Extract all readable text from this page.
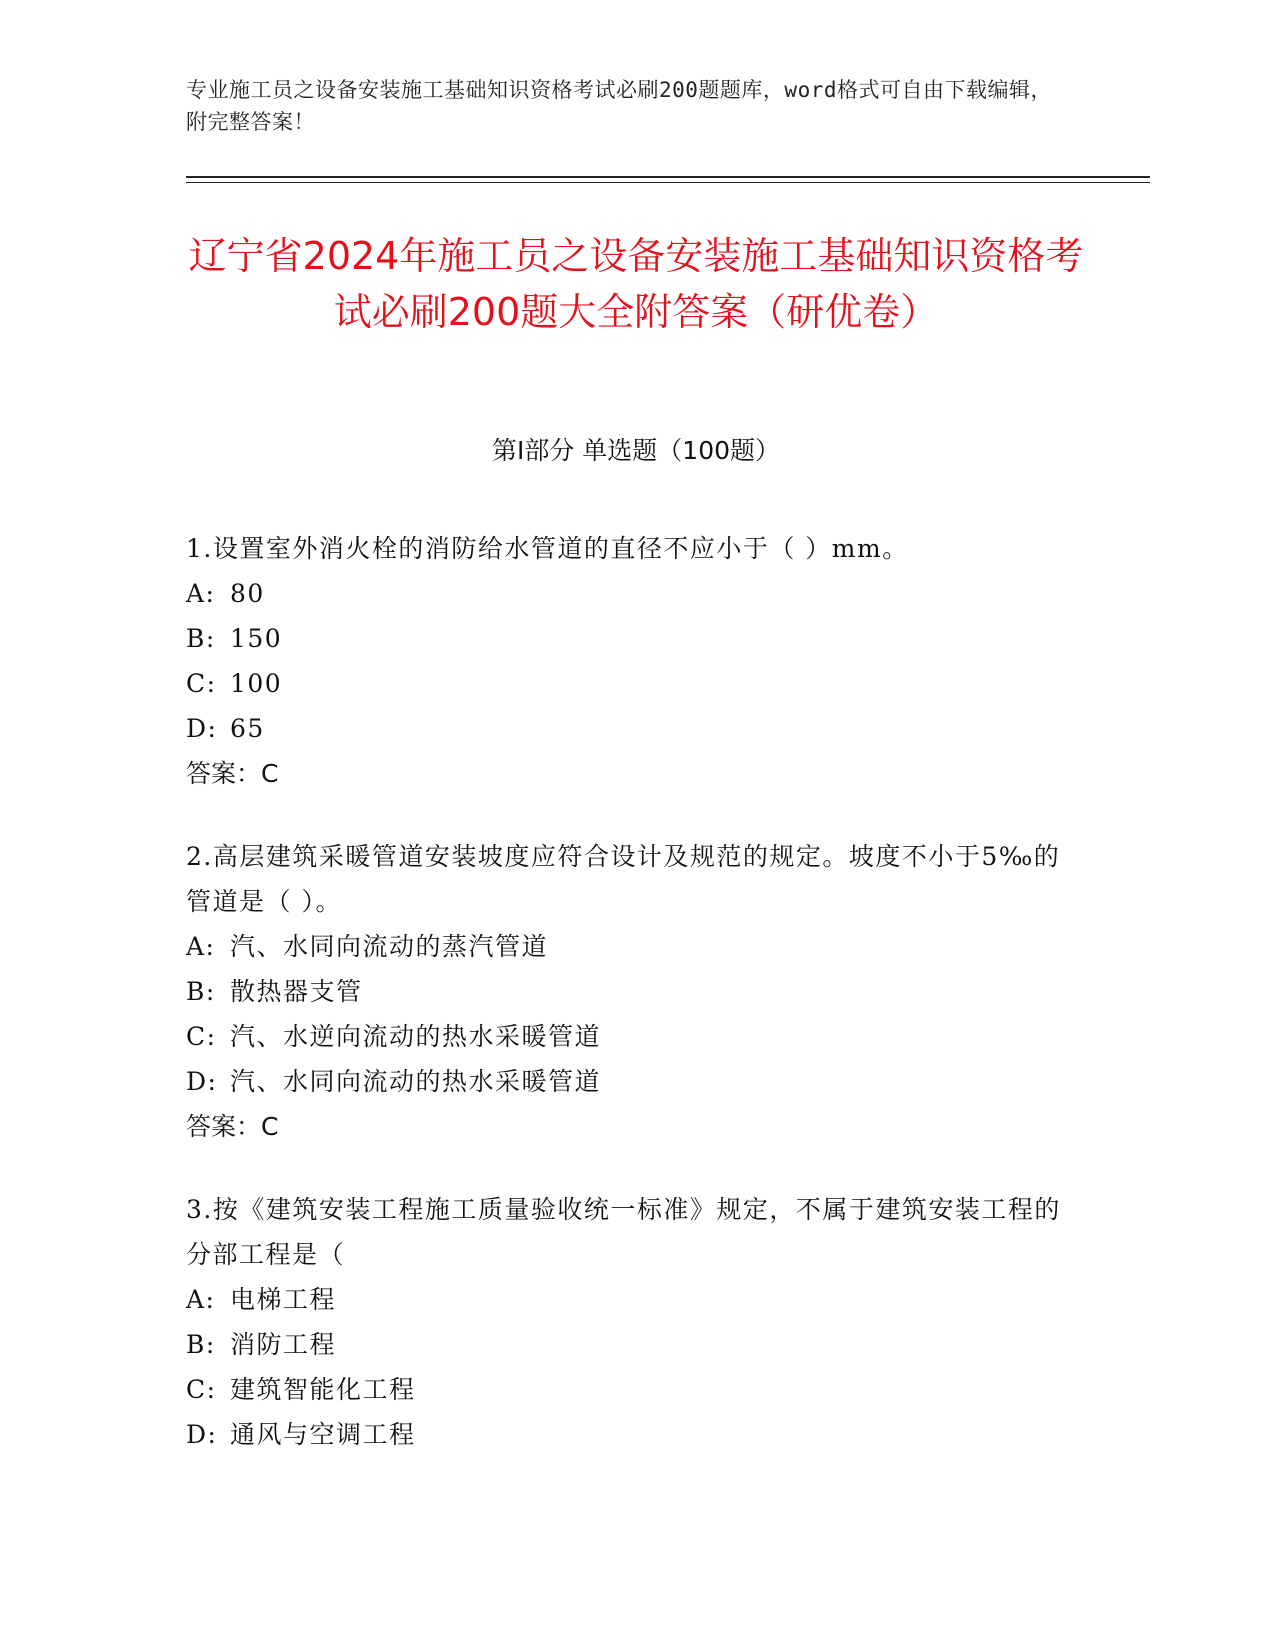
专业施工员之设备安装施工基础知识资格考试必刷200题题库，word格式可自由下载编辑，附完整答案！
辽宁省2024年施工员之设备安装施工基础知识资格考试必刷200题大全附答案（研优卷）
第I部分 单选题（100题）
1.设置室外消火栓的消防给水管道的直径不应小于（ ）mm。
A: 80
B: 150
C: 100
D: 65
答案：C
2.高层建筑采暖管道安装坡度应符合设计及规范的规定。坡度不小于5‰的管道是（ ）。
A: 汽、水同向流动的蒸汽管道
B: 散热器支管
C: 汽、水逆向流动的热水采暖管道
D: 汽、水同向流动的热水采暖管道
答案：C
3.按《建筑安装工程施工质量验收统一标准》规定，不属于建筑安装工程的分部工程是（
A: 电梯工程
B: 消防工程
C: 建筑智能化工程
D: 通风与空调工程
